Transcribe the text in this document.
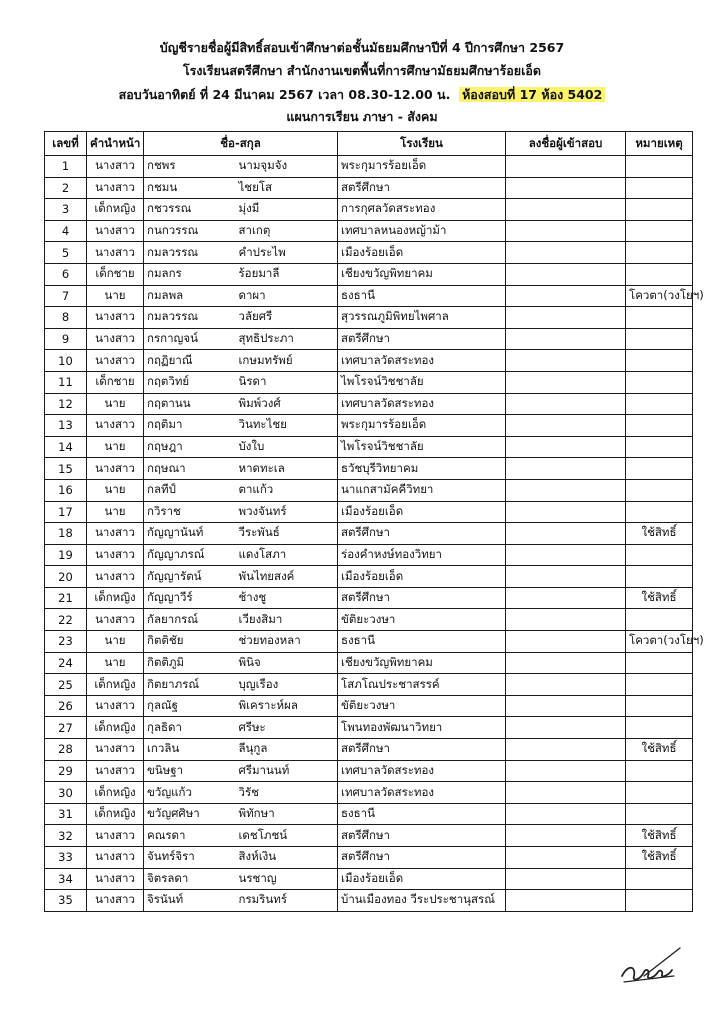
บัญชีรายชื่อผู้มีสิทธิ์สอบเข้าศึกษาต่อชั้นมัธยมศึกษาปีที่ 4 ปีการศึกษา 2567
โรงเรียนสตรีศึกษา สำนักงานเขตพื้นที่การศึกษามัธยมศึกษาร้อยเอ็ด
สอบวันอาทิตย์ ที่ 24 มีนาคม 2567 เวลา 08.30-12.00 น. ห้องสอบที่ 17 ห้อง 5402
แผนการเรียน ภาษา - สังคม
เลขที่	คำนำหน้า	ชื่อ-สกุล		โรงเรียน	ลงชื่อผู้เข้าสอบ	หมายเหตุ
1	นางสาว	กชพร	นามจุมจัง	พระกุมารร้อยเอ็ด		
2	นางสาว	กชมน	ไชยโส	สตรีศึกษา		
3	เด็กหญิง	กชวรรณ	มุ่งมี	การกุศลวัดสระทอง		
4	นางสาว	กนกวรรณ	สาเกตุ	เทศบาลหนองหญ้าม้า		
5	นางสาว	กมลวรรณ	คำประไพ	เมืองร้อยเอ็ด		
6	เด็กชาย	กมลกร	ร้อยมาลี	เชียงขวัญพิทยาคม		
7	นาย	กมลพล	ดาผา	ธงธานี		โควตา(วงโยฯ)
8	นางสาว	กมลวรรณ	วลัยศรี	สุวรรณภูมิพิทยไพศาล		
9	นางสาว	กรกาญจน์	สุทธิประภา	สตรีศึกษา		
10	นางสาว	กฤฏิยาณี	เกษมทรัพย์	เทศบาลวัดสระทอง		
11	เด็กชาย	กฤตวิทย์	นิรดา	ไพโรจน์วิชชาลัย		
12	นาย	กฤตานน	พิมพ์วงศ์	เทศบาลวัดสระทอง		
13	นางสาว	กฤติมา	วินทะไชย	พระกุมารร้อยเอ็ด		
14	นาย	กฤษฎา	บังใบ	ไพโรจน์วิชชาลัย		
15	นางสาว	กฤษณา	หาดทะเล	ธวัชบุรีวิทยาคม		
16	นาย	กลทีป์	ตาแก้ว	นาแกสามัคคีวิทยา		
17	นาย	กวิราช	พวงจันทร์	เมืองร้อยเอ็ด		
18	นางสาว	กัญญานันท์	วีระพันธ์	สตรีศึกษา		ใช้สิทธิ์
19	นางสาว	กัญญาภรณ์	แดงโสภา	ร่องคำหงษ์ทองวิทยา		
20	นางสาว	กัญญารัตน์	พันไทยสงค์	เมืองร้อยเอ็ด		
21	เด็กหญิง	กัญญาวีร์	ช้างชู	สตรีศึกษา		ใช้สิทธิ์
22	นางสาว	กัลยากรณ์	เวียงสิมา	ขัติยะวงษา		
23	นาย	กิตติชัย	ช่วยทองหลา	ธงธานี		โควตา(วงโยฯ)
24	นาย	กิตติภูมิ	พินิจ	เชียงขวัญพิทยาคม		
25	เด็กหญิง	กิตยาภรณ์	บุญเรือง	โสภโณประชาสรรค์		
26	นางสาว	กุลณัฐ	พิเคราะห์ผล	ขัติยะวงษา		
27	เด็กหญิง	กุลธิดา	ศรีษะ	โพนทองพัฒนาวิทยา		
28	นางสาว	เกวลิน	ลีนุกูล	สตรีศึกษา		ใช้สิทธิ์
29	นางสาว	ขนิษฐา	ศรีมานนท์	เทศบาลวัดสระทอง		
30	เด็กหญิง	ขวัญแก้ว	วิรัช	เทศบาลวัดสระทอง		
31	เด็กหญิง	ขวัญศศิษา	พิทักษา	ธงธานี		
32	นางสาว	คณรดา	เดชโภชน์	สตรีศึกษา		ใช้สิทธิ์
33	นางสาว	จันทร์จิรา	สิงห์เงิน	สตรีศึกษา		ใช้สิทธิ์
34	นางสาว	จิตรลดา	นรชาญ	เมืองร้อยเอ็ด		
35	นางสาว	จิรนันท์	กรมรินทร์	บ้านเมืองทอง วีระประชานุสรณ์		
